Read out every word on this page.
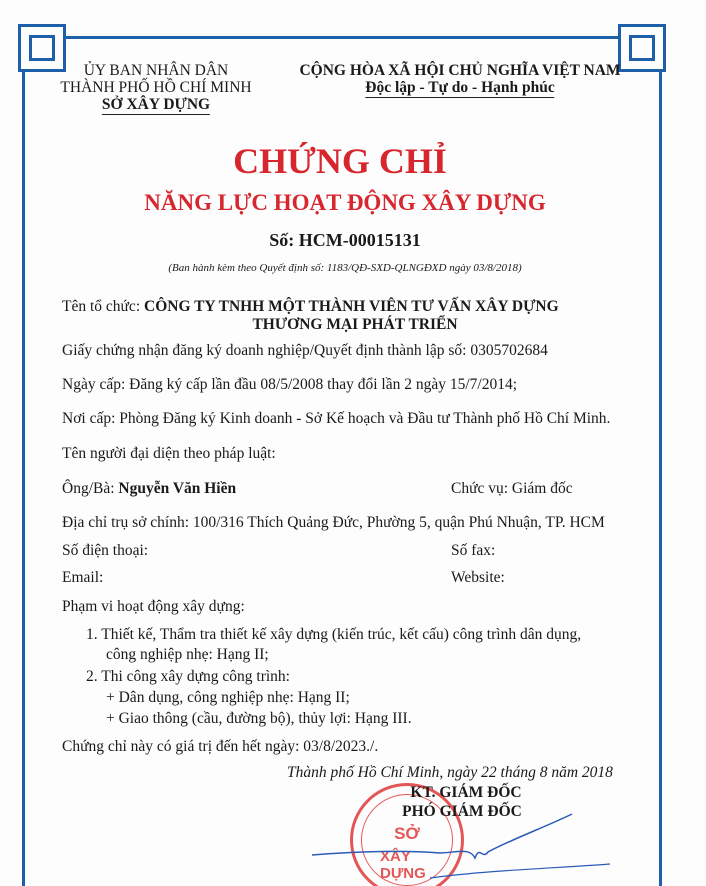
ỦY BAN NHÂN DÂN
THÀNH PHỐ HỒ CHÍ MINH
SỞ XÂY DỰNG
CỘNG HÒA XÃ HỘI CHỦ NGHĨA VIỆT NAM
Độc lập - Tự do - Hạnh phúc
CHỨNG CHỈ
NĂNG LỰC HOẠT ĐỘNG XÂY DỰNG
Số: HCM-00015131
(Ban hành kèm theo Quyết định số: 1183/QĐ-SXD-QLNGĐXD ngày 03/8/2018)
Tên tổ chức: CÔNG TY TNHH MỘT THÀNH VIÊN TƯ VẤN XÂY DỰNG
THƯƠNG MẠI PHÁT TRIỂN
Giấy chứng nhận đăng ký doanh nghiệp/Quyết định thành lập số: 0305702684
Ngày cấp: Đăng ký cấp lần đầu 08/5/2008 thay đổi lần 2 ngày 15/7/2014;
Nơi cấp: Phòng Đăng ký Kinh doanh - Sở Kế hoạch và Đầu tư Thành phố Hồ Chí Minh.
Tên người đại diện theo pháp luật:
Ông/Bà: Nguyễn Văn Hiền	Chức vụ: Giám đốc
Địa chỉ trụ sở chính: 100/316 Thích Quảng Đức, Phường 5, quận Phú Nhuận, TP. HCM
Số điện thoại:	Số fax:
Email:	Website:
Phạm vi hoạt động xây dựng:
1. Thiết kế, Thẩm tra thiết kế xây dựng (kiến trúc, kết cấu) công trình dân dụng,
công nghiệp nhẹ: Hạng II;
2. Thi công xây dựng công trình:
+ Dân dụng, công nghiệp nhẹ: Hạng II;
+ Giao thông (cầu, đường bộ), thủy lợi: Hạng III.
Chứng chỉ này có giá trị đến hết ngày: 03/8/2023./.
Thành phố Hồ Chí Minh, ngày 22 tháng 8 năm 2018
SỞ
XÂY DỰNG
KT. GIÁM ĐỐC
PHÓ GIÁM ĐỐC
